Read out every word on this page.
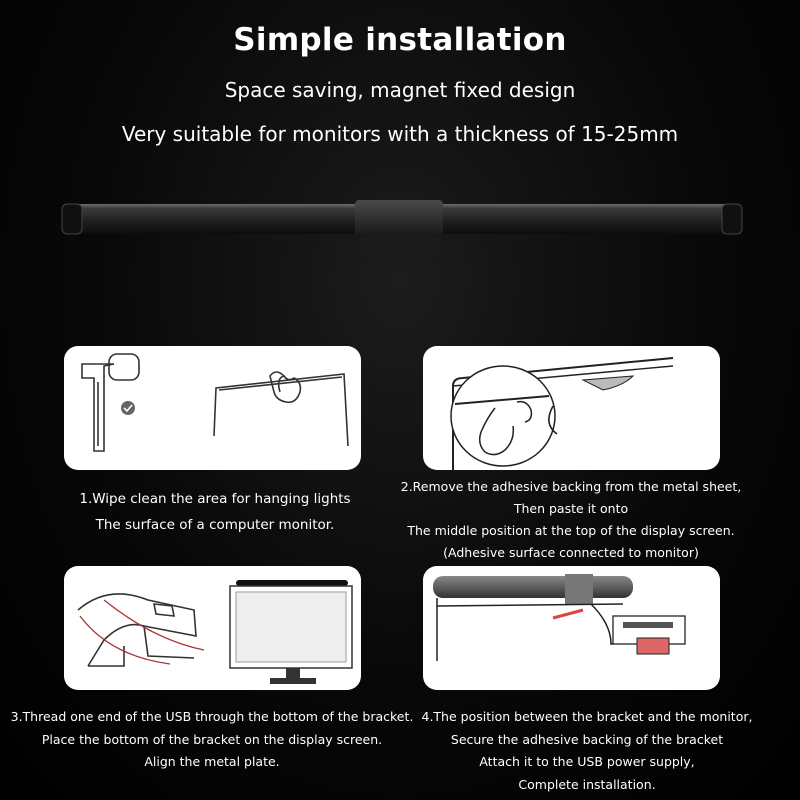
Simple installation
Space saving, magnet fixed design
Very suitable for monitors with a thickness of 15-25mm
1.Wipe clean the area for hanging lights
The surface of a computer monitor.
2.Remove the adhesive backing from the metal sheet,
Then paste it onto
The middle position at the top of the display screen.
(Adhesive surface connected to monitor)
3.Thread one end of the USB through the bottom of the bracket.
Place the bottom of the bracket on the display screen.
Align the metal plate.
4.The position between the bracket and the monitor,
Secure the adhesive backing of the bracket
Attach it to the USB power supply,
Complete installation.
